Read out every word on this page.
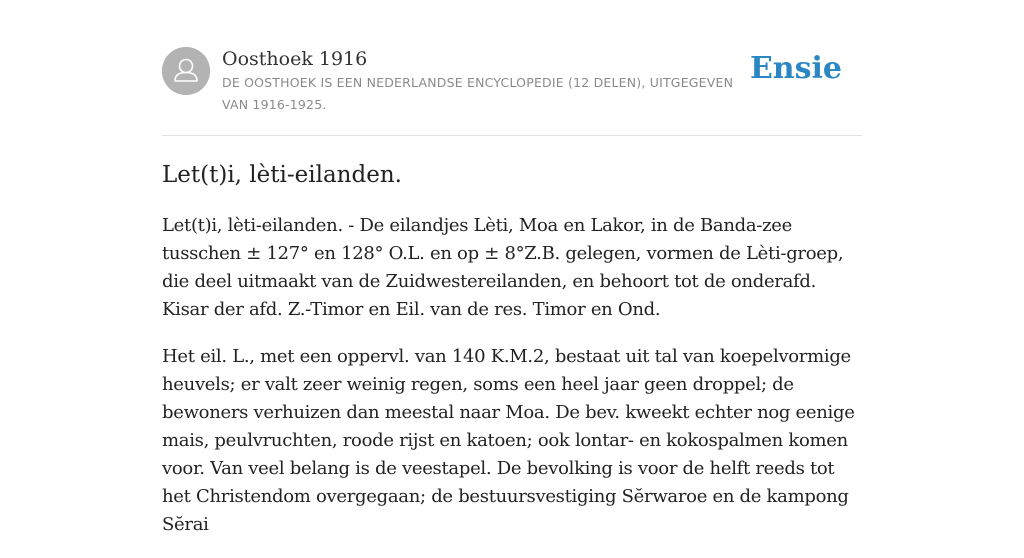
Oosthoek 1916
DE OOSTHOEK IS EEN NEDERLANDSE ENCYCLOPEDIE (12 DELEN), UITGEGEVEN VAN 1916-1925.
Ensie
Let(t)i, lèti-eilanden.

Let(t)i, lèti-eilanden. - De eilandjes Lèti, Moa en Lakor, in de Banda-zee tusschen ± 127° en 128° O.L. en op ± 8°Z.B. gelegen, vormen de Lèti-groep, die deel uitmaakt van de Zuidwestereilanden, en behoort tot de onderafd. Kisar der afd. Z.-Timor en Eil. van de res. Timor en Ond.

Het eil. L., met een oppervl. van 140 K.M.2, bestaat uit tal van koepelvormige heuvels; er valt zeer weinig regen, soms een heel jaar geen droppel; de bewoners verhuizen dan meestal naar Moa. De bev. kweekt echter nog eenige mais, peulvruchten, roode rijst en katoen; ook lontar- en kokospalmen komen voor. Van veel belang is de veestapel. De bevolking is voor de helft reeds tot het Christendom overgegaan; de bestuursvestiging Sĕrwaroe en de kampong Sĕrai
